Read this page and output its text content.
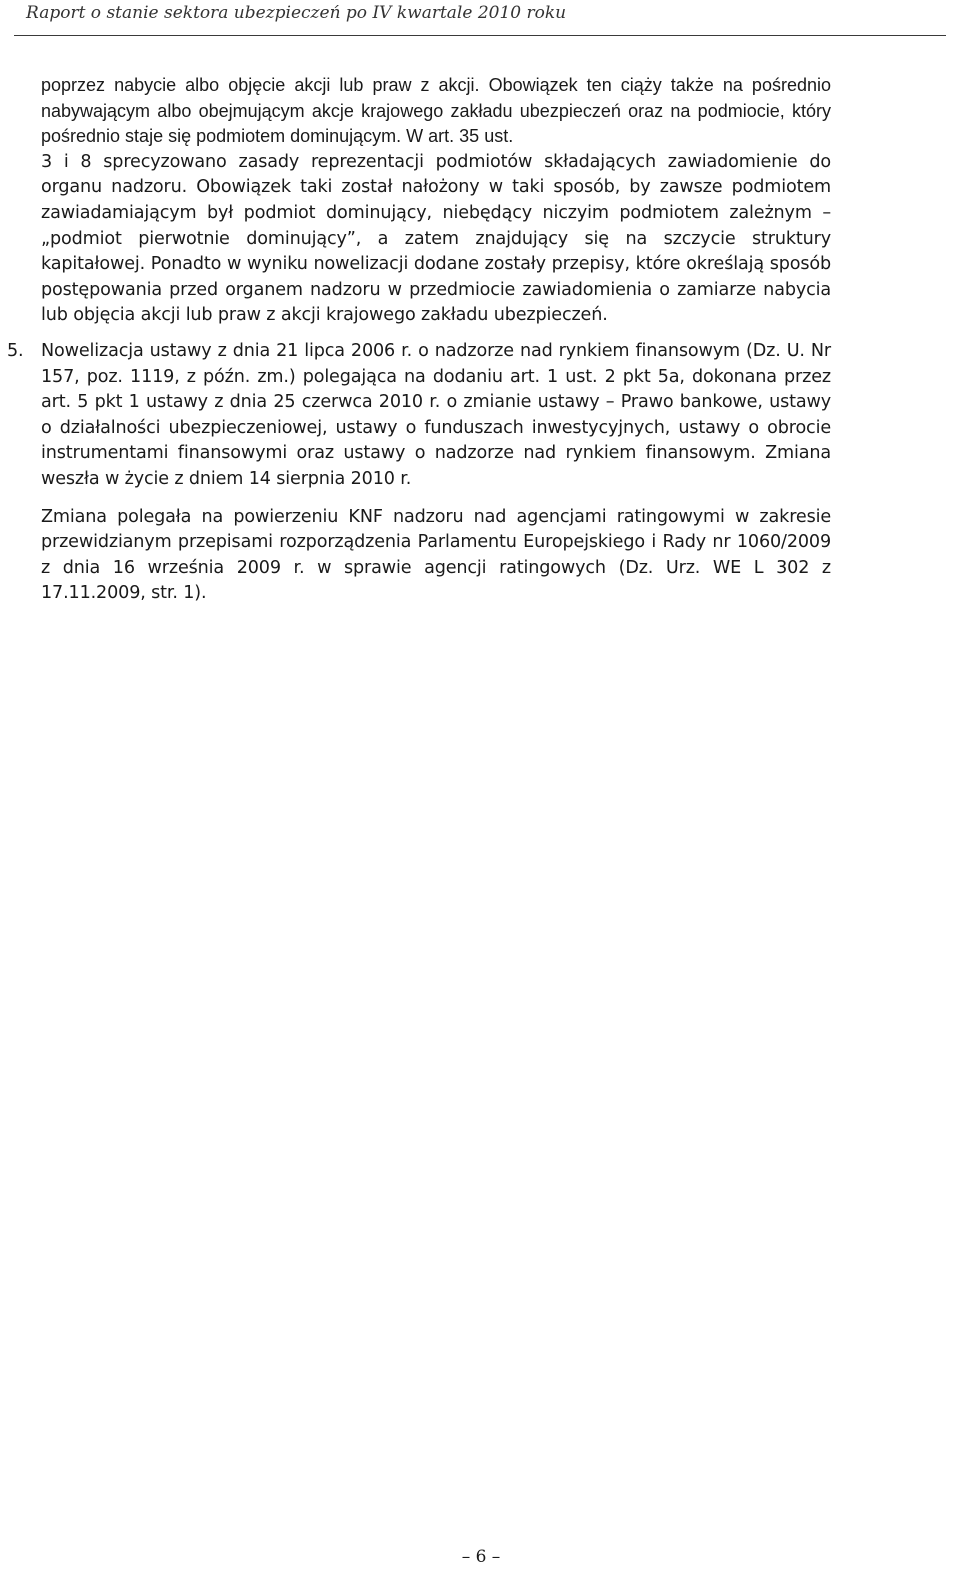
Raport o stanie sektora ubezpieczeń po IV kwartale 2010 roku

poprzez nabycie albo objęcie akcji lub praw z akcji. Obowiązek ten ciąży także na pośrednio nabywającym albo obejmującym akcje krajowego zakładu ubezpieczeń oraz na podmiocie, który pośrednio staje się podmiotem dominującym. W art. 35 ust.

3 i 8 sprecyzowano zasady reprezentacji podmiotów składających zawiadomienie do organu nadzoru. Obowiązek taki został nałożony w taki sposób, by zawsze podmiotem zawiadamiającym był podmiot dominujący, niebędący niczyim podmiotem zależnym – „podmiot pierwotnie dominujący”, a zatem znajdujący się na szczycie struktury kapitałowej. Ponadto w wyniku nowelizacji dodane zostały przepisy, które określają sposób postępowania przed organem nadzoru w przedmiocie zawiadomienia o zamiarze nabycia lub objęcia akcji lub praw z akcji krajowego zakładu ubezpieczeń.

5. Nowelizacja ustawy z dnia 21 lipca 2006 r. o nadzorze nad rynkiem finansowym (Dz. U. Nr 157, poz. 1119, z późn. zm.) polegająca na dodaniu art. 1 ust. 2 pkt 5a, dokonana przez art. 5 pkt 1 ustawy z dnia 25 czerwca 2010 r. o zmianie ustawy – Prawo bankowe, ustawy o działalności ubezpieczeniowej, ustawy o funduszach inwestycyjnych, ustawy o obrocie instrumentami finansowymi oraz ustawy o nadzorze nad rynkiem finansowym. Zmiana weszła w życie z dniem 14 sierpnia 2010 r.

Zmiana polegała na powierzeniu KNF nadzoru nad agencjami ratingowymi w zakresie przewidzianym przepisami rozporządzenia Parlamentu Europejskiego i Rady nr 1060/2009 z dnia 16 września 2009 r. w sprawie agencji ratingowych (Dz. Urz. WE L 302 z 17.11.2009, str. 1).

– 6 –
